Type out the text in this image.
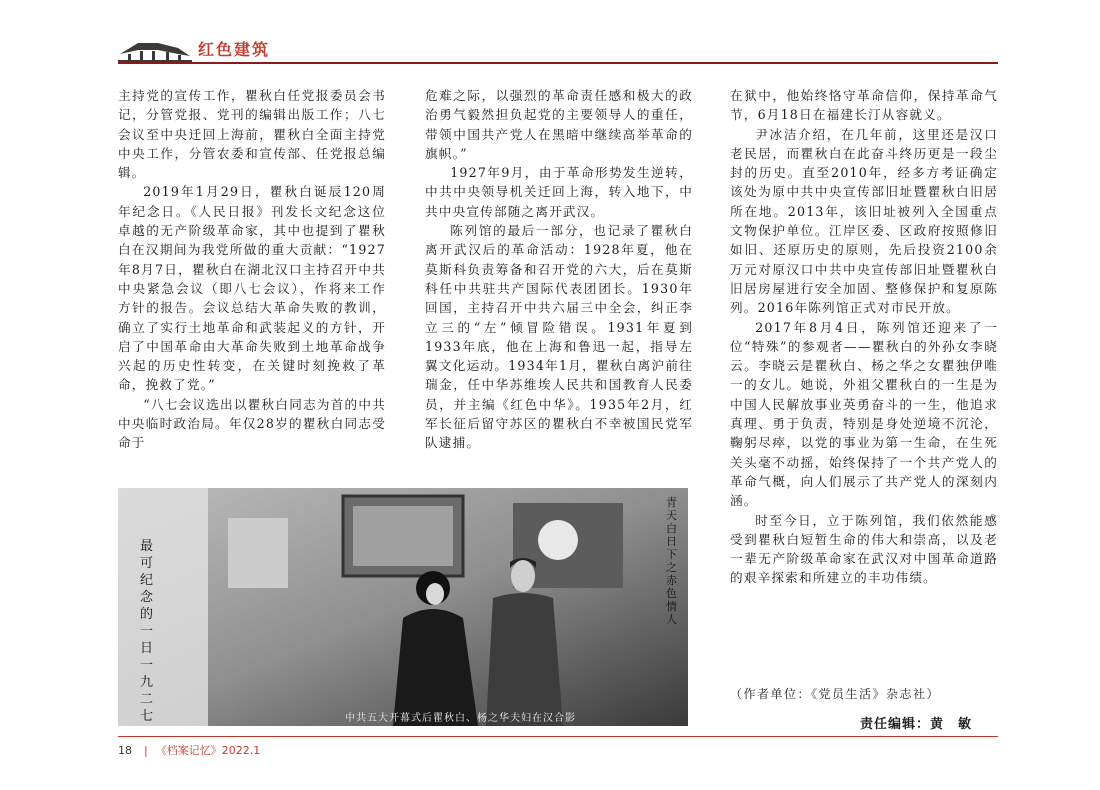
红色建筑

主持党的宣传工作，瞿秋白任党报委员会书记，分管党报、党刊的编辑出版工作；八七会议至中央迁回上海前，瞿秋白全面主持党中央工作，分管农委和宣传部、任党报总编辑。

2019年1月29日，瞿秋白诞辰120周年纪念日。《人民日报》刊发长文纪念这位卓越的无产阶级革命家，其中也提到了瞿秋白在汉期间为我党所做的重大贡献：“1927年8月7日，瞿秋白在湖北汉口主持召开中共中央紧急会议（即八七会议），作将来工作方针的报告。会议总结大革命失败的教训，确立了实行土地革命和武装起义的方针，开启了中国革命由大革命失败到土地革命战争兴起的历史性转变，在关键时刻挽救了革命，挽救了党。”

“八七会议选出以瞿秋白同志为首的中共中央临时政治局。年仅28岁的瞿秋白同志受命于

危难之际，以强烈的革命责任感和极大的政治勇气毅然担负起党的主要领导人的重任，带领中国共产党人在黑暗中继续高举革命的旗帜。”

1927年9月，由于革命形势发生逆转，中共中央领导机关迁回上海，转入地下，中共中央宣传部随之离开武汉。

陈列馆的最后一部分，也记录了瞿秋白离开武汉后的革命活动：1928年夏，他在莫斯科负责筹备和召开党的六大，后在莫斯科任中共驻共产国际代表团团长。1930年回国，主持召开中共六届三中全会，纠正李立三的“左”倾冒险错误。1931年夏到1933年底，他在上海和鲁迅一起，指导左翼文化运动。1934年1月，瞿秋白离沪前往瑞金，任中华苏维埃人民共和国教育人民委员，并主编《红色中华》。1935年2月，红军长征后留守苏区的瞿秋白不幸被国民党军队逮捕。

在狱中，他始终恪守革命信仰，保持革命气节，6月18日在福建长汀从容就义。

尹冰洁介绍，在几年前，这里还是汉口老民居，而瞿秋白在此奋斗终历更是一段尘封的历史。直至2010年，经多方考证确定该处为原中共中央宣传部旧址暨瞿秋白旧居所在地。2013年，该旧址被列入全国重点文物保护单位。江岸区委、区政府按照修旧如旧、还原历史的原则，先后投资2100余万元对原汉口中共中央宣传部旧址暨瞿秋白旧居房屋进行安全加固、整修保护和复原陈列。2016年陈列馆正式对市民开放。

2017年8月4日，陈列馆还迎来了一位“特殊”的参观者——瞿秋白的外孙女李晓云。李晓云是瞿秋白、杨之华之女瞿独伊唯一的女儿。她说，外祖父瞿秋白的一生是为中国人民解放事业英勇奋斗的一生，他追求真理、勇于负责，特别是身处逆境不沉沦，鞠躬尽瘁，以党的事业为第一生命，在生死关头毫不动摇，始终保持了一个共产党人的革命气概，向人们展示了共产党人的深刻内涵。

时至今日，立于陈列馆，我们依然能感受到瞿秋白短暂生命的伟大和崇高，以及老一辈无产阶级革命家在武汉对中国革命道路的艰辛探索和所建立的丰功伟绩。

最可纪念的一日 一九二七
青天白日下之赤色情人
中共五大开幕式后瞿秋白、杨之华夫妇在汉合影
（作者单位：《党员生活》杂志社）
责任编辑：黄　敏
18 | 《档案记忆》2022.1
